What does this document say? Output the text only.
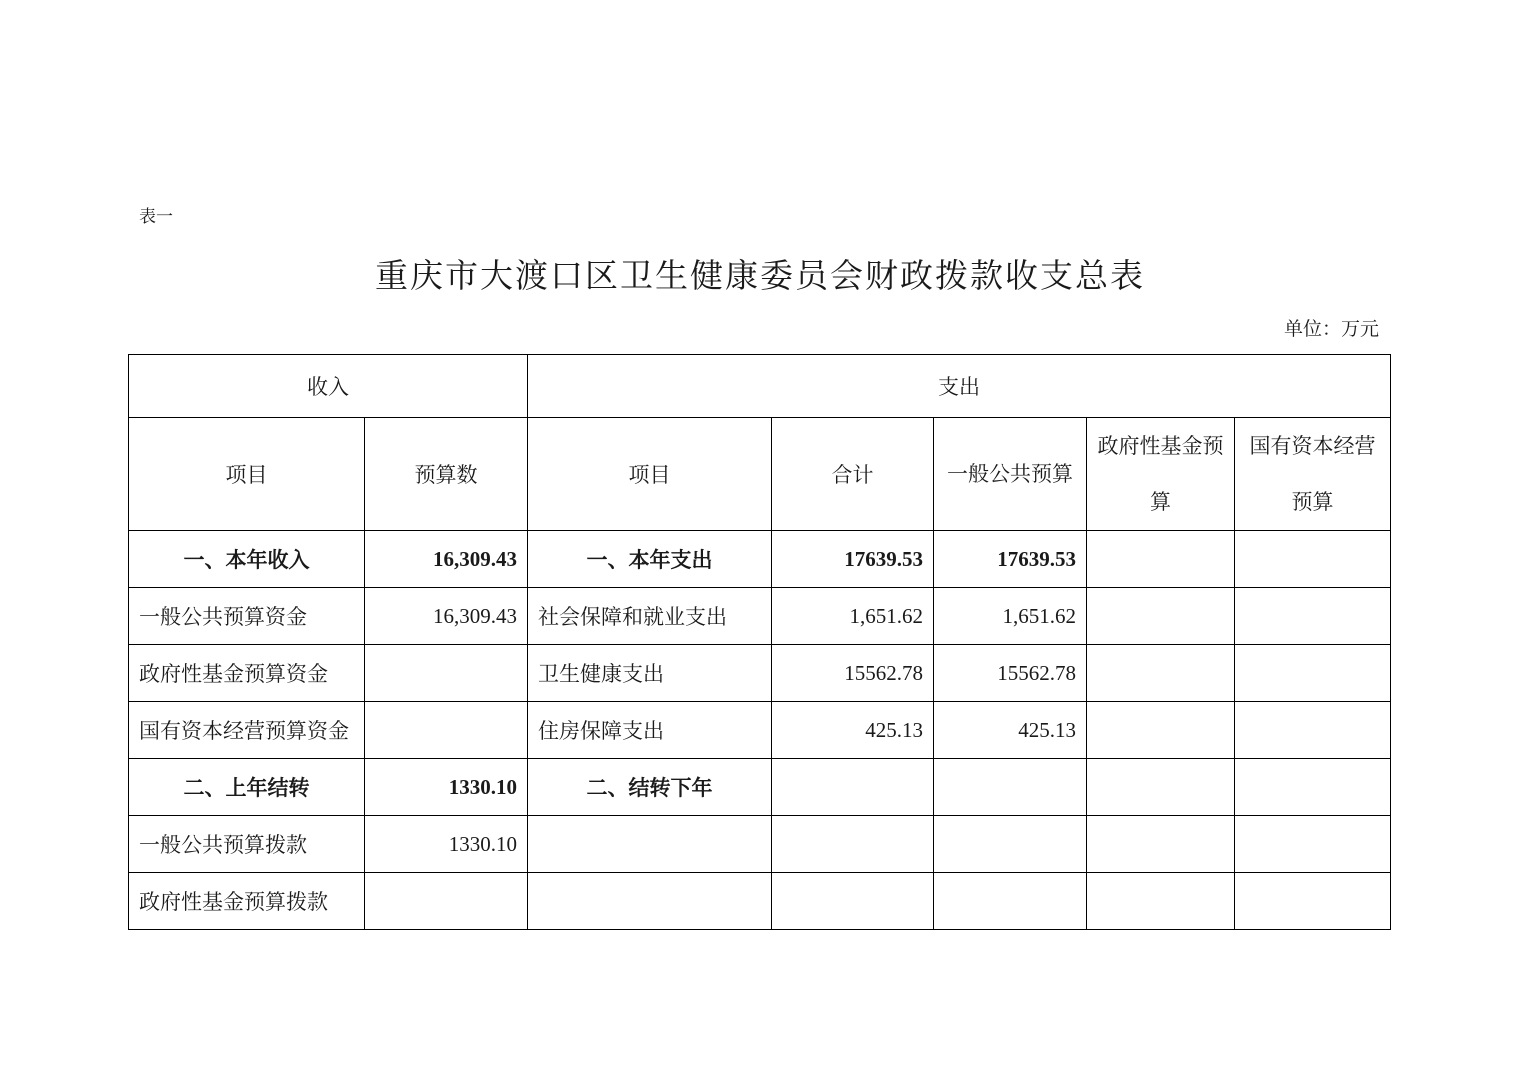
表一
重庆市大渡口区卫生健康委员会财政拨款收支总表
单位：万元
收入		支出				
项目	预算数	项目	合计	一般公共预算	政府性基金预算	国有资本经营预算
一、本年收入	16,309.43	一、本年支出	17639.53	17639.53		
一般公共预算资金	16,309.43	社会保障和就业支出	1,651.62	1,651.62		
政府性基金预算资金		卫生健康支出	15562.78	15562.78		
国有资本经营预算资金		住房保障支出	425.13	425.13		
二、上年结转	1330.10	二、结转下年				
一般公共预算拨款	1330.10					
政府性基金预算拨款						
